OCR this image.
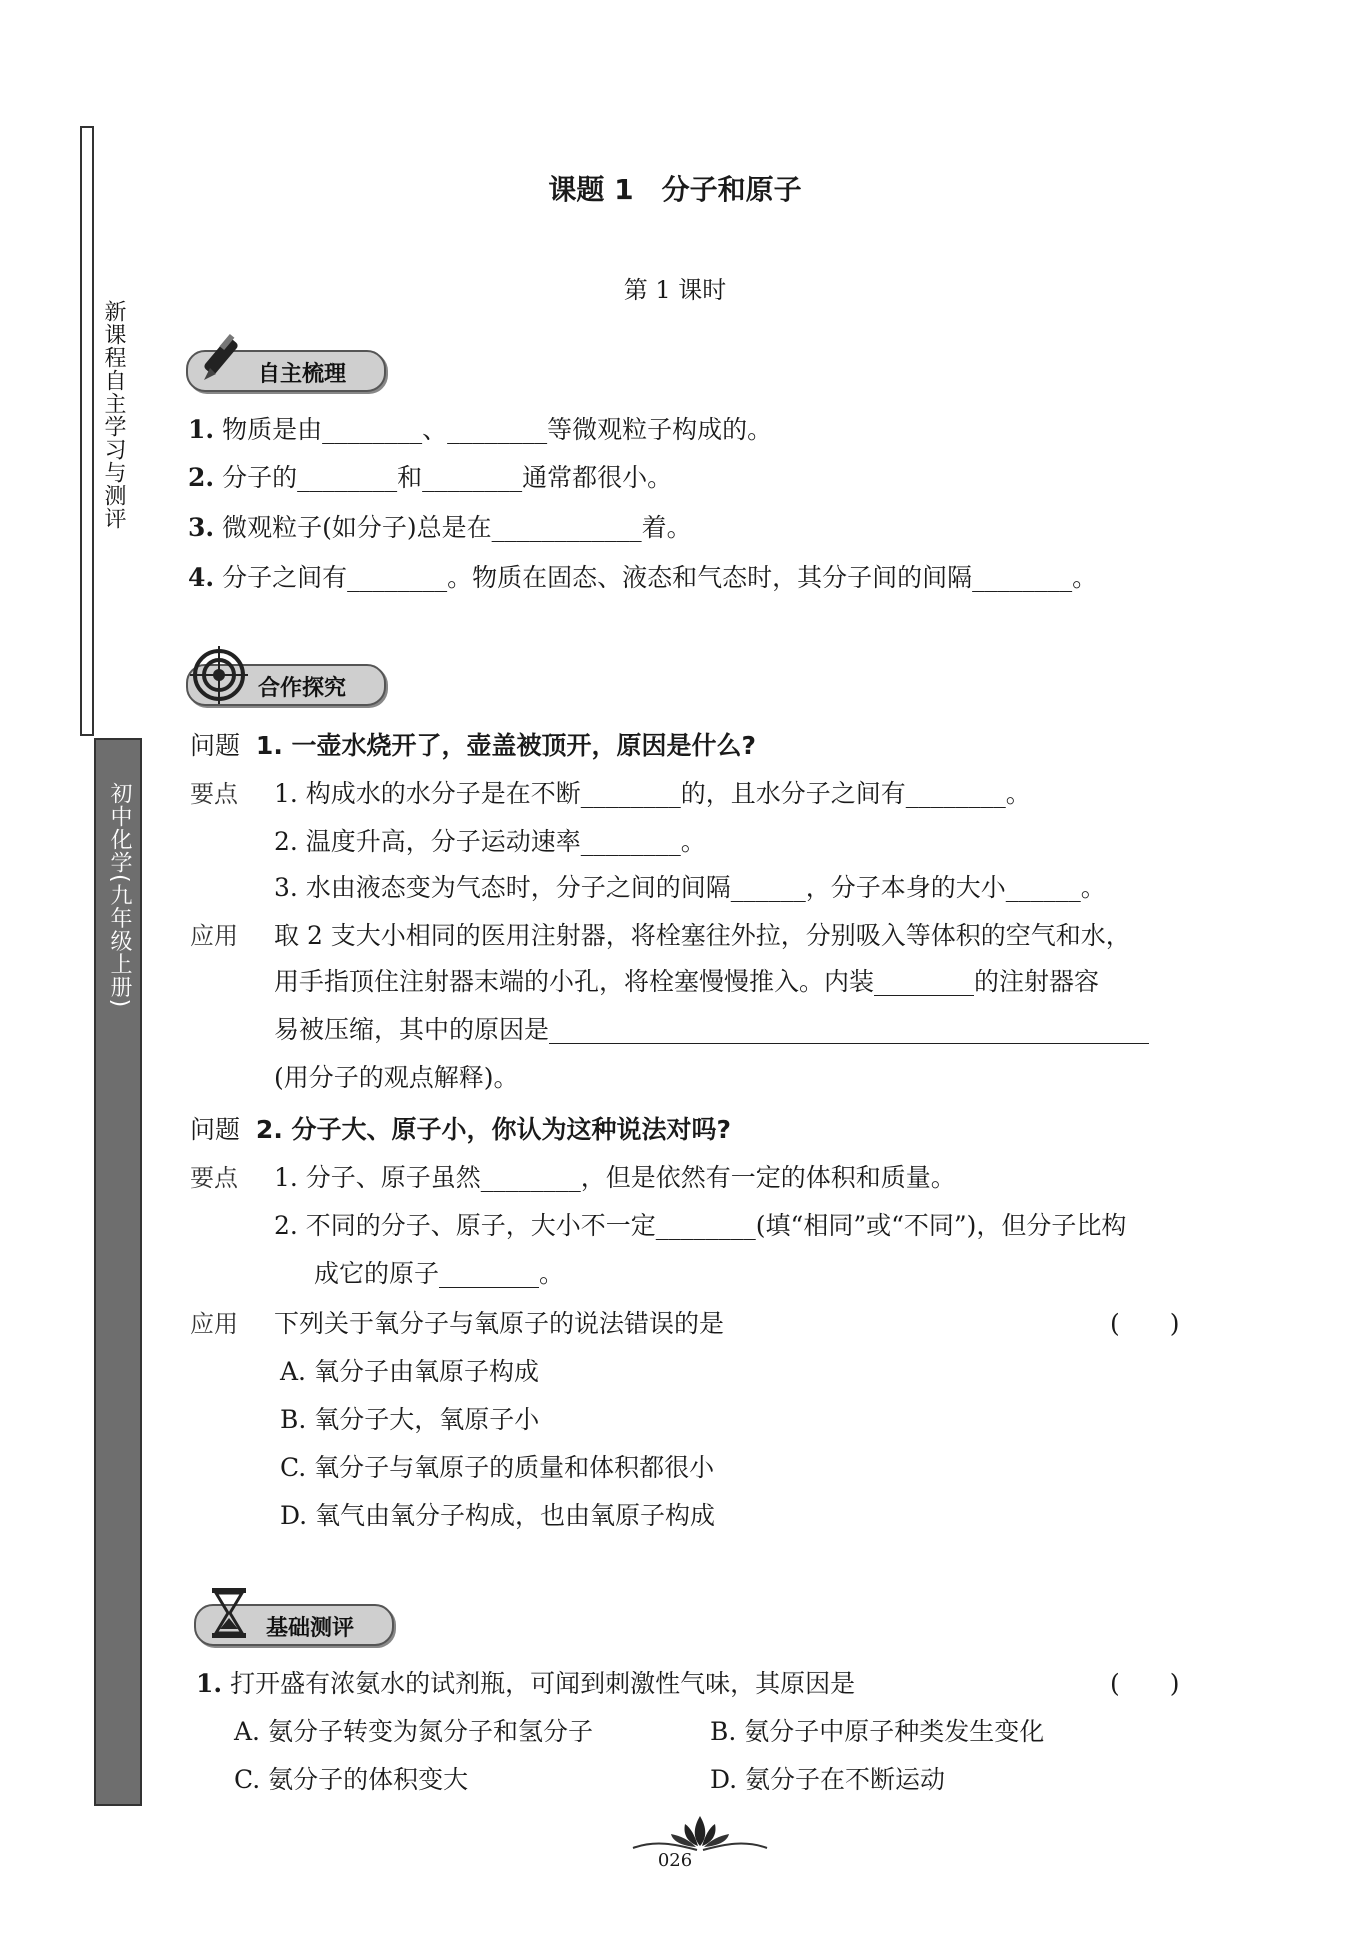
新课程自主学习与测评
初中化学(九年级上册)
课题 1　分子和原子
第 1 课时
自主梳理
1. 物质是由________、________等微观粒子构成的。
2. 分子的________和________通常都很小。
3. 微观粒子(如分子)总是在____________着。
4. 分子之间有________。物质在固态、液态和气态时，其分子间的间隔________。
合作探究
问题 1. 一壶水烧开了，壶盖被顶开，原因是什么?
要点 1. 构成水的水分子是在不断________的，且水分子之间有________。
2. 温度升高，分子运动速率________。
3. 水由液态变为气态时，分子之间的间隔______，分子本身的大小______。
应用 取 2 支大小相同的医用注射器，将栓塞往外拉，分别吸入等体积的空气和水，
用手指顶住注射器末端的小孔，将栓塞慢慢推入。内装________的注射器容
易被压缩，其中的原因是________________________________________________
(用分子的观点解释)。
问题 2. 分子大、原子小，你认为这种说法对吗?
要点 1. 分子、原子虽然________，但是依然有一定的体积和质量。
2. 不同的分子、原子，大小不一定________(填“相同”或“不同”)，但分子比构
成它的原子________。
应用 下列关于氧分子与氧原子的说法错误的是	(　　)
A. 氧分子由氧原子构成
B. 氧分子大，氧原子小
C. 氧分子与氧原子的质量和体积都很小
D. 氧气由氧分子构成，也由氧原子构成
基础测评
1. 打开盛有浓氨水的试剂瓶，可闻到刺激性气味，其原因是	(　　)
A. 氨分子转变为氮分子和氢分子	B. 氨分子中原子种类发生变化
C. 氨分子的体积变大	D. 氨分子在不断运动
026
